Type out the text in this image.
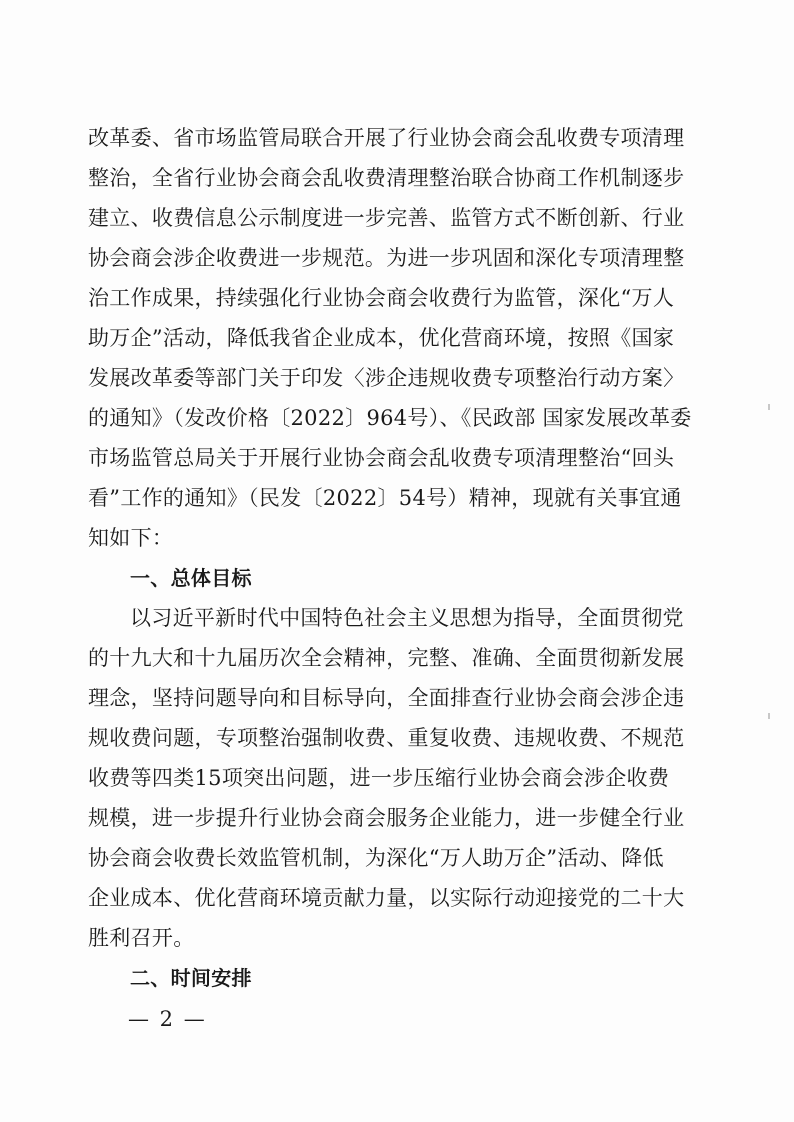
改革委、省市场监管局联合开展了行业协会商会乱收费专项清理
整治，全省行业协会商会乱收费清理整治联合协商工作机制逐步
建立、收费信息公示制度进一步完善、监管方式不断创新、行业
协会商会涉企收费进一步规范。为进一步巩固和深化专项清理整
治工作成果，持续强化行业协会商会收费行为监管，深化“万人
助万企”活动，降低我省企业成本，优化营商环境，按照《国家
发展改革委等部门关于印发〈涉企违规收费专项整治行动方案〉
的通知》（发改价格〔2022〕964号）、《民政部 国家发展改革委
市场监管总局关于开展行业协会商会乱收费专项清理整治“回头
看”工作的通知》（民发〔2022〕54号）精神，现就有关事宜通
知如下：
一、总体目标
以习近平新时代中国特色社会主义思想为指导，全面贯彻党
的十九大和十九届历次全会精神，完整、准确、全面贯彻新发展
理念，坚持问题导向和目标导向，全面排查行业协会商会涉企违
规收费问题，专项整治强制收费、重复收费、违规收费、不规范
收费等四类15项突出问题，进一步压缩行业协会商会涉企收费
规模，进一步提升行业协会商会服务企业能力，进一步健全行业
协会商会收费长效监管机制，为深化“万人助万企”活动、降低
企业成本、优化营商环境贡献力量，以实际行动迎接党的二十大
胜利召开。
二、时间安排
— 2 —
